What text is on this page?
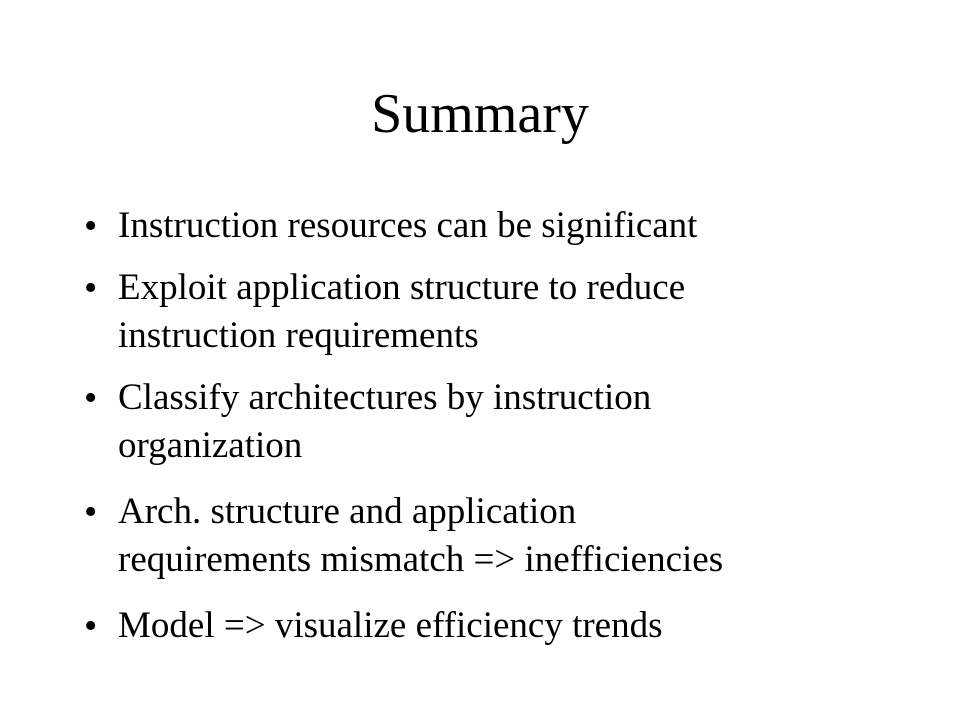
Summary
• Instruction resources can be significant
• Exploit application structure to reduce
instruction requirements
• Classify architectures by instruction
organization
• Arch. structure and application
requirements mismatch => inefficiencies
• Model => visualize efficiency trends
